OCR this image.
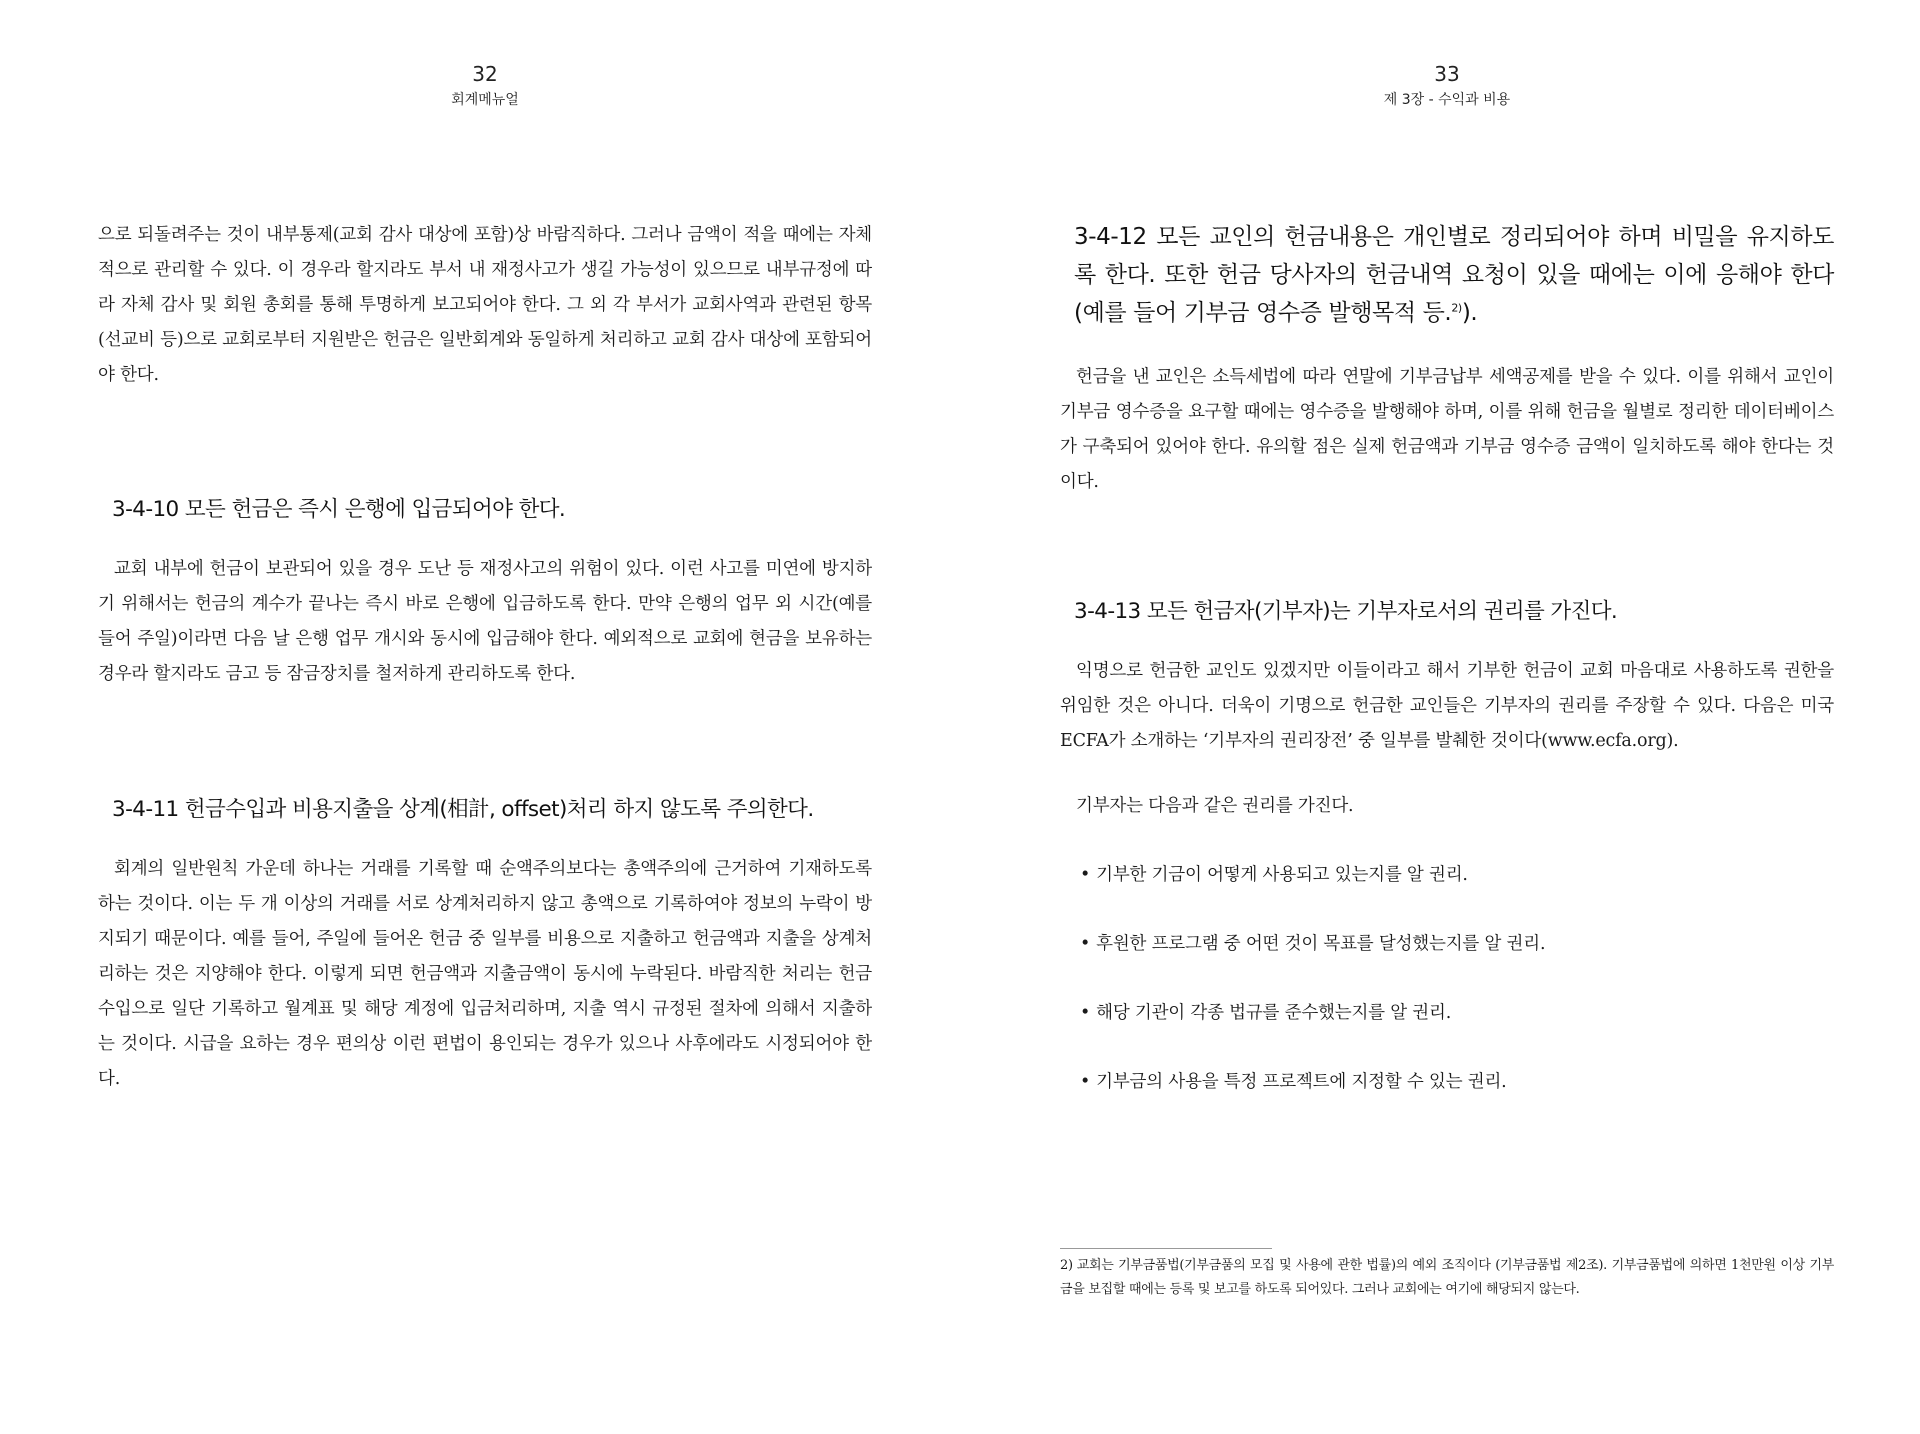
32
회계메뉴얼

으로 되돌려주는 것이 내부통제(교회 감사 대상에 포함)상 바람직하다. 그러나 금액이 적을 때에는 자체적으로 관리할 수 있다. 이 경우라 할지라도 부서 내 재정사고가 생길 가능성이 있으므로 내부규정에 따라 자체 감사 및 회원 총회를 통해 투명하게 보고되어야 한다. 그 외 각 부서가 교회사역과 관련된 항목(선교비 등)으로 교회로부터 지원받은 헌금은 일반회계와 동일하게 처리하고 교회 감사 대상에 포함되어야 한다.

3-4-10 모든 헌금은 즉시 은행에 입금되어야 한다.

교회 내부에 헌금이 보관되어 있을 경우 도난 등 재정사고의 위험이 있다. 이런 사고를 미연에 방지하기 위해서는 헌금의 계수가 끝나는 즉시 바로 은행에 입금하도록 한다. 만약 은행의 업무 외 시간(예를 들어 주일)이라면 다음 날 은행 업무 개시와 동시에 입금해야 한다. 예외적으로 교회에 현금을 보유하는 경우라 할지라도 금고 등 잠금장치를 철저하게 관리하도록 한다.

3-4-11 헌금수입과 비용지출을 상계(相計, offset)처리 하지 않도록 주의한다.

회계의 일반원칙 가운데 하나는 거래를 기록할 때 순액주의보다는 총액주의에 근거하여 기재하도록 하는 것이다. 이는 두 개 이상의 거래를 서로 상계처리하지 않고 총액으로 기록하여야 정보의 누락이 방지되기 때문이다. 예를 들어, 주일에 들어온 헌금 중 일부를 비용으로 지출하고 헌금액과 지출을 상계처리하는 것은 지양해야 한다. 이렇게 되면 헌금액과 지출금액이 동시에 누락된다. 바람직한 처리는 헌금수입으로 일단 기록하고 월계표 및 해당 계정에 입금처리하며, 지출 역시 규정된 절차에 의해서 지출하는 것이다. 시급을 요하는 경우 편의상 이런 편법이 용인되는 경우가 있으나 사후에라도 시정되어야 한다.

33
제 3장 - 수익과 비용
3-4-12 모든 교인의 헌금내용은 개인별로 정리되어야 하며 비밀을 유지하도록 한다. 또한 헌금 당사자의 헌금내역 요청이 있을 때에는 이에 응해야 한다(예를 들어 기부금 영수증 발행목적 등.$^{2)}$).

헌금을 낸 교인은 소득세법에 따라 연말에 기부금납부 세액공제를 받을 수 있다. 이를 위해서 교인이 기부금 영수증을 요구할 때에는 영수증을 발행해야 하며, 이를 위해 헌금을 월별로 정리한 데이터베이스가 구축되어 있어야 한다. 유의할 점은 실제 헌금액과 기부금 영수증 금액이 일치하도록 해야 한다는 것이다.

3-4-13 모든 헌금자(기부자)는 기부자로서의 권리를 가진다.

익명으로 헌금한 교인도 있겠지만 이들이라고 해서 기부한 헌금이 교회 마음대로 사용하도록 권한을 위임한 것은 아니다. 더욱이 기명으로 헌금한 교인들은 기부자의 권리를 주장할 수 있다. 다음은 미국 ECFA가 소개하는 ‘기부자의 권리장전’ 중 일부를 발췌한 것이다(www.ecfa.org).

기부자는 다음과 같은 권리를 가진다.

• 기부한 기금이 어떻게 사용되고 있는지를 알 권리.
• 후원한 프로그램 중 어떤 것이 목표를 달성했는지를 알 권리.
• 해당 기관이 각종 법규를 준수했는지를 알 권리.
• 기부금의 사용을 특정 프로젝트에 지정할 수 있는 권리.
2) 교회는 기부금품법(기부금품의 모집 및 사용에 관한 법률)의 예외 조직이다 (기부금품법 제2조). 기부금품법에 의하면 1천만원 이상 기부금을 보집할 때에는 등록 및 보고를 하도록 되어있다. 그러나 교회에는 여기에 해당되지 않는다.
